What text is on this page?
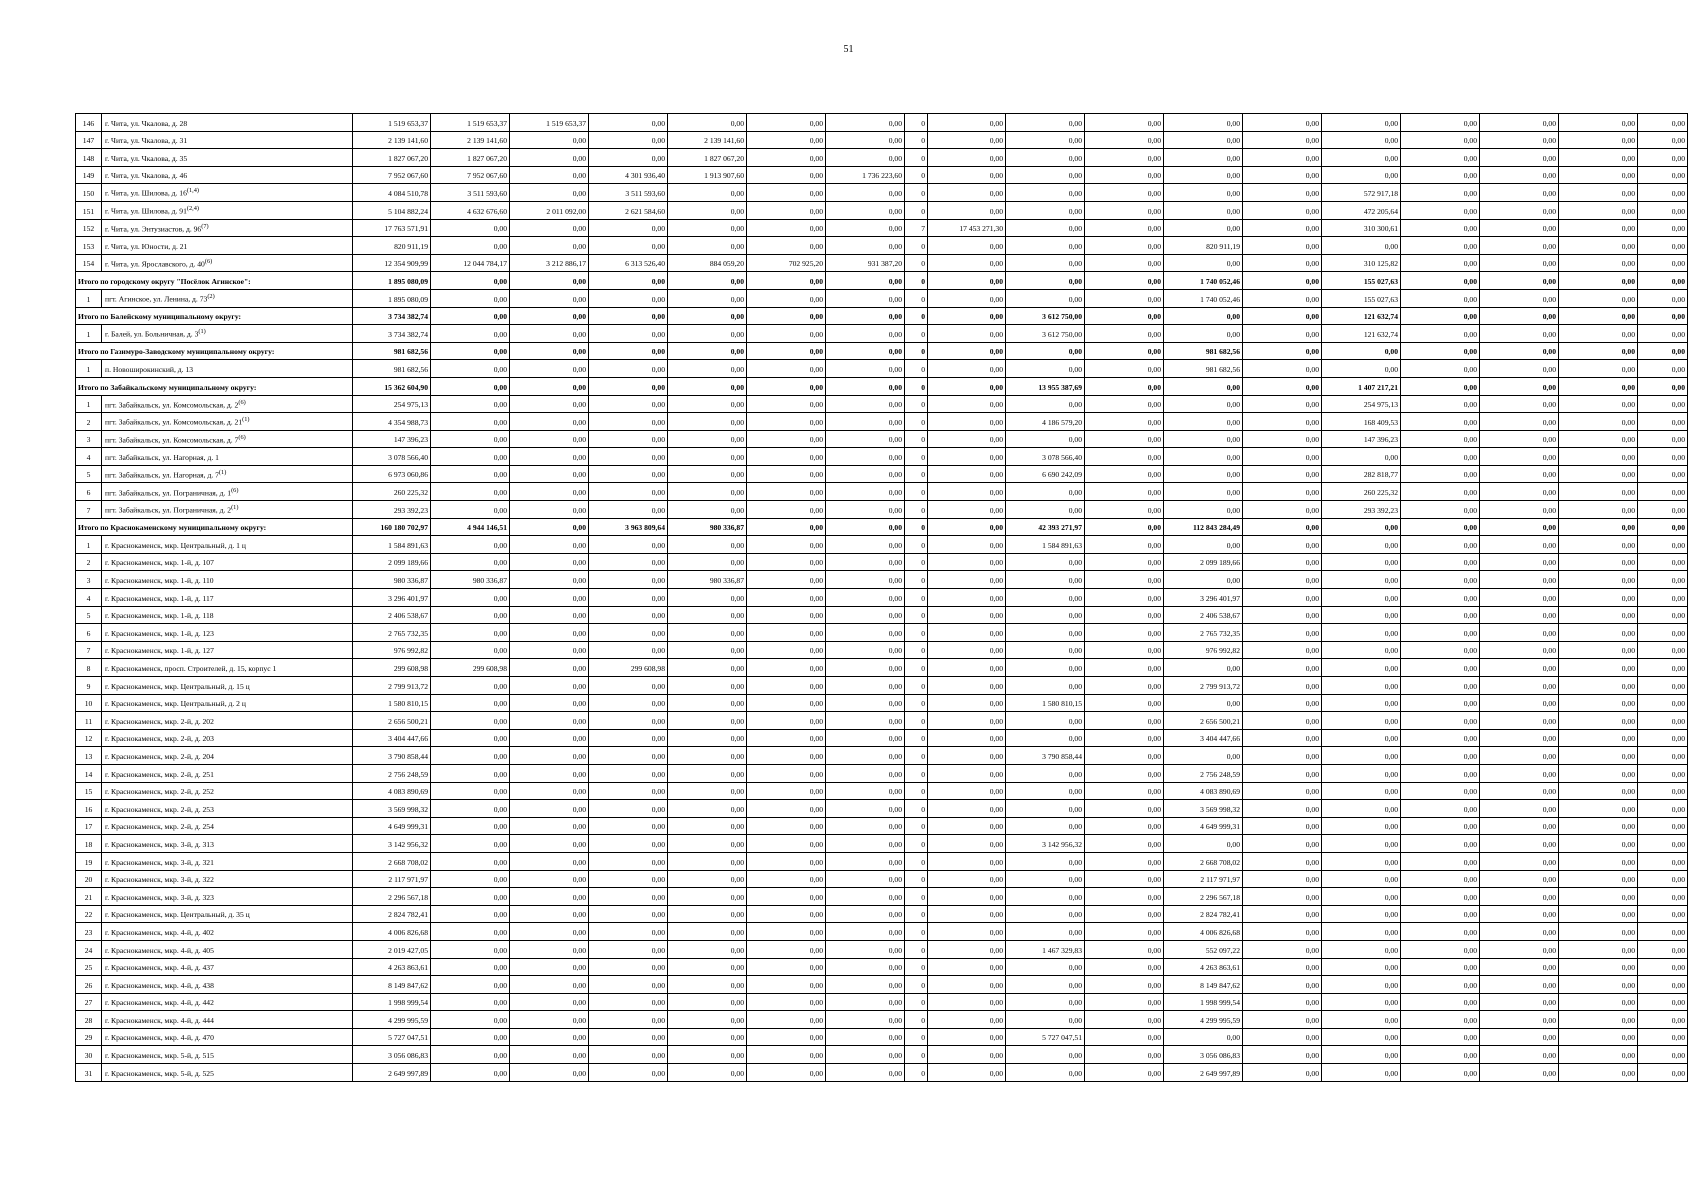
51
146	г. Чита, ул. Чкалова, д. 28	1 519 653,37	1 519 653,37	1 519 653,37	0,00	0,00	0,00	0,00	0	0,00	0,00	0,00	0,00	0,00	0,00	0,00	0,00	0,00	0,00
147	г. Чита, ул. Чкалова, д. 31	2 139 141,60	2 139 141,60	0,00	0,00	2 139 141,60	0,00	0,00	0	0,00	0,00	0,00	0,00	0,00	0,00	0,00	0,00	0,00	0,00
148	г. Чита, ул. Чкалова, д. 35	1 827 067,20	1 827 067,20	0,00	0,00	1 827 067,20	0,00	0,00	0	0,00	0,00	0,00	0,00	0,00	0,00	0,00	0,00	0,00	0,00
149	г. Чита, ул. Чкалова, д. 46	7 952 067,60	7 952 067,60	0,00	4 301 936,40	1 913 907,60	0,00	1 736 223,60	0	0,00	0,00	0,00	0,00	0,00	0,00	0,00	0,00	0,00	0,00
150	г. Чита, ул. Шилова, д. 16$^{(1,4)}$	4 084 510,78	3 511 593,60	0,00	3 511 593,60	0,00	0,00	0,00	0	0,00	0,00	0,00	0,00	0,00	572 917,18	0,00	0,00	0,00	0,00
151	г. Чита, ул. Шилова, д. 91$^{(2,4)}$	5 104 882,24	4 632 676,60	2 011 092,00	2 621 584,60	0,00	0,00	0,00	0	0,00	0,00	0,00	0,00	0,00	472 205,64	0,00	0,00	0,00	0,00
152	г. Чита, ул. Энтузиастов, д. 96$^{(7)}$	17 763 571,91	0,00	0,00	0,00	0,00	0,00	0,00	7	17 453 271,30	0,00	0,00	0,00	0,00	310 300,61	0,00	0,00	0,00	0,00
153	г. Чита, ул. Юности, д. 21	820 911,19	0,00	0,00	0,00	0,00	0,00	0,00	0	0,00	0,00	0,00	820 911,19	0,00	0,00	0,00	0,00	0,00	0,00
154	г. Чита, ул. Ярославского, д. 40$^{(6)}$	12 354 909,99	12 044 784,17	3 212 886,17	6 313 526,40	884 059,20	702 925,20	931 387,20	0	0,00	0,00	0,00	0,00	0,00	310 125,82	0,00	0,00	0,00	0,00
Итого по городскому округу "Посёлок Агинское":		1 895 080,09	0,00	0,00	0,00	0,00	0,00	0,00	0	0,00	0,00	0,00	1 740 052,46	0,00	155 027,63	0,00	0,00	0,00	0,00
1	пгт. Агинское, ул. Ленина, д. 73$^{(2)}$	1 895 080,09	0,00	0,00	0,00	0,00	0,00	0,00	0	0,00	0,00	0,00	1 740 052,46	0,00	155 027,63	0,00	0,00	0,00	0,00
Итого по Балейскому муниципальному округу:		3 734 382,74	0,00	0,00	0,00	0,00	0,00	0,00	0	0,00	3 612 750,00	0,00	0,00	0,00	121 632,74	0,00	0,00	0,00	0,00
1	г. Балей, ул. Больничная, д. 3$^{(1)}$	3 734 382,74	0,00	0,00	0,00	0,00	0,00	0,00	0	0,00	3 612 750,00	0,00	0,00	0,00	121 632,74	0,00	0,00	0,00	0,00
Итого по Газимуро-Заводскому муниципальному округу:		981 682,56	0,00	0,00	0,00	0,00	0,00	0,00	0	0,00	0,00	0,00	981 682,56	0,00	0,00	0,00	0,00	0,00	0,00
1	п. Новоширокинский, д. 13	981 682,56	0,00	0,00	0,00	0,00	0,00	0,00	0	0,00	0,00	0,00	981 682,56	0,00	0,00	0,00	0,00	0,00	0,00
Итого по Забайкальскому муниципальному округу:		15 362 604,90	0,00	0,00	0,00	0,00	0,00	0,00	0	0,00	13 955 387,69	0,00	0,00	0,00	1 407 217,21	0,00	0,00	0,00	0,00
1	пгт. Забайкальск, ул. Комсомольская, д. 2$^{(6)}$	254 975,13	0,00	0,00	0,00	0,00	0,00	0,00	0	0,00	0,00	0,00	0,00	0,00	254 975,13	0,00	0,00	0,00	0,00
2	пгт. Забайкальск, ул. Комсомольская, д. 21$^{(1)}$	4 354 988,73	0,00	0,00	0,00	0,00	0,00	0,00	0	0,00	4 186 579,20	0,00	0,00	0,00	168 409,53	0,00	0,00	0,00	0,00
3	пгт. Забайкальск, ул. Комсомольская, д. 7$^{(6)}$	147 396,23	0,00	0,00	0,00	0,00	0,00	0,00	0	0,00	0,00	0,00	0,00	0,00	147 396,23	0,00	0,00	0,00	0,00
4	пгт. Забайкальск, ул. Нагорная, д. 1	3 078 566,40	0,00	0,00	0,00	0,00	0,00	0,00	0	0,00	3 078 566,40	0,00	0,00	0,00	0,00	0,00	0,00	0,00	0,00
5	пгт. Забайкальск, ул. Нагорная, д. 7$^{(1)}$	6 973 060,86	0,00	0,00	0,00	0,00	0,00	0,00	0	0,00	6 690 242,09	0,00	0,00	0,00	282 818,77	0,00	0,00	0,00	0,00
6	пгт. Забайкальск, ул. Пограничная, д. 1$^{(6)}$	260 225,32	0,00	0,00	0,00	0,00	0,00	0,00	0	0,00	0,00	0,00	0,00	0,00	260 225,32	0,00	0,00	0,00	0,00
7	пгт. Забайкальск, ул. Пограничная, д. 2$^{(1)}$	293 392,23	0,00	0,00	0,00	0,00	0,00	0,00	0	0,00	0,00	0,00	0,00	0,00	293 392,23	0,00	0,00	0,00	0,00
Итого по Краснокаменскому муниципальному округу:		160 180 702,97	4 944 146,51	0,00	3 963 809,64	980 336,87	0,00	0,00	0	0,00	42 393 271,97	0,00	112 843 284,49	0,00	0,00	0,00	0,00	0,00	0,00
1	г. Краснокаменск, мкр. Центральный, д. 1 ц	1 584 891,63	0,00	0,00	0,00	0,00	0,00	0,00	0	0,00	1 584 891,63	0,00	0,00	0,00	0,00	0,00	0,00	0,00	0,00
2	г. Краснокаменск, мкр. 1-й, д. 107	2 099 189,66	0,00	0,00	0,00	0,00	0,00	0,00	0	0,00	0,00	0,00	2 099 189,66	0,00	0,00	0,00	0,00	0,00	0,00
3	г. Краснокаменск, мкр. 1-й, д. 110	980 336,87	980 336,87	0,00	0,00	980 336,87	0,00	0,00	0	0,00	0,00	0,00	0,00	0,00	0,00	0,00	0,00	0,00	0,00
4	г. Краснокаменск, мкр. 1-й, д. 117	3 296 401,97	0,00	0,00	0,00	0,00	0,00	0,00	0	0,00	0,00	0,00	3 296 401,97	0,00	0,00	0,00	0,00	0,00	0,00
5	г. Краснокаменск, мкр. 1-й, д. 118	2 406 538,67	0,00	0,00	0,00	0,00	0,00	0,00	0	0,00	0,00	0,00	2 406 538,67	0,00	0,00	0,00	0,00	0,00	0,00
6	г. Краснокаменск, мкр. 1-й, д. 123	2 765 732,35	0,00	0,00	0,00	0,00	0,00	0,00	0	0,00	0,00	0,00	2 765 732,35	0,00	0,00	0,00	0,00	0,00	0,00
7	г. Краснокаменск, мкр. 1-й, д. 127	976 992,82	0,00	0,00	0,00	0,00	0,00	0,00	0	0,00	0,00	0,00	976 992,82	0,00	0,00	0,00	0,00	0,00	0,00
8	г. Краснокаменск, просп. Строителей, д. 15, корпус 1	299 608,98	299 608,98	0,00	299 608,98	0,00	0,00	0,00	0	0,00	0,00	0,00	0,00	0,00	0,00	0,00	0,00	0,00	0,00
9	г. Краснокаменск, мкр. Центральный, д. 15 ц	2 799 913,72	0,00	0,00	0,00	0,00	0,00	0,00	0	0,00	0,00	0,00	2 799 913,72	0,00	0,00	0,00	0,00	0,00	0,00
10	г. Краснокаменск, мкр. Центральный, д. 2 ц	1 580 810,15	0,00	0,00	0,00	0,00	0,00	0,00	0	0,00	1 580 810,15	0,00	0,00	0,00	0,00	0,00	0,00	0,00	0,00
11	г. Краснокаменск, мкр. 2-й, д. 202	2 656 500,21	0,00	0,00	0,00	0,00	0,00	0,00	0	0,00	0,00	0,00	2 656 500,21	0,00	0,00	0,00	0,00	0,00	0,00
12	г. Краснокаменск, мкр. 2-й, д. 203	3 404 447,66	0,00	0,00	0,00	0,00	0,00	0,00	0	0,00	0,00	0,00	3 404 447,66	0,00	0,00	0,00	0,00	0,00	0,00
13	г. Краснокаменск, мкр. 2-й, д. 204	3 790 858,44	0,00	0,00	0,00	0,00	0,00	0,00	0	0,00	3 790 858,44	0,00	0,00	0,00	0,00	0,00	0,00	0,00	0,00
14	г. Краснокаменск, мкр. 2-й, д. 251	2 756 248,59	0,00	0,00	0,00	0,00	0,00	0,00	0	0,00	0,00	0,00	2 756 248,59	0,00	0,00	0,00	0,00	0,00	0,00
15	г. Краснокаменск, мкр. 2-й, д. 252	4 083 890,69	0,00	0,00	0,00	0,00	0,00	0,00	0	0,00	0,00	0,00	4 083 890,69	0,00	0,00	0,00	0,00	0,00	0,00
16	г. Краснокаменск, мкр. 2-й, д. 253	3 569 998,32	0,00	0,00	0,00	0,00	0,00	0,00	0	0,00	0,00	0,00	3 569 998,32	0,00	0,00	0,00	0,00	0,00	0,00
17	г. Краснокаменск, мкр. 2-й, д. 254	4 649 999,31	0,00	0,00	0,00	0,00	0,00	0,00	0	0,00	0,00	0,00	4 649 999,31	0,00	0,00	0,00	0,00	0,00	0,00
18	г. Краснокаменск, мкр. 3-й, д. 313	3 142 956,32	0,00	0,00	0,00	0,00	0,00	0,00	0	0,00	3 142 956,32	0,00	0,00	0,00	0,00	0,00	0,00	0,00	0,00
19	г. Краснокаменск, мкр. 3-й, д. 321	2 668 708,02	0,00	0,00	0,00	0,00	0,00	0,00	0	0,00	0,00	0,00	2 668 708,02	0,00	0,00	0,00	0,00	0,00	0,00
20	г. Краснокаменск, мкр. 3-й, д. 322	2 117 971,97	0,00	0,00	0,00	0,00	0,00	0,00	0	0,00	0,00	0,00	2 117 971,97	0,00	0,00	0,00	0,00	0,00	0,00
21	г. Краснокаменск, мкр. 3-й, д. 323	2 296 567,18	0,00	0,00	0,00	0,00	0,00	0,00	0	0,00	0,00	0,00	2 296 567,18	0,00	0,00	0,00	0,00	0,00	0,00
22	г. Краснокаменск, мкр. Центральный, д. 35 ц	2 824 782,41	0,00	0,00	0,00	0,00	0,00	0,00	0	0,00	0,00	0,00	2 824 782,41	0,00	0,00	0,00	0,00	0,00	0,00
23	г. Краснокаменск, мкр. 4-й, д. 402	4 006 826,68	0,00	0,00	0,00	0,00	0,00	0,00	0	0,00	0,00	0,00	4 006 826,68	0,00	0,00	0,00	0,00	0,00	0,00
24	г. Краснокаменск, мкр. 4-й, д. 405	2 019 427,05	0,00	0,00	0,00	0,00	0,00	0,00	0	0,00	1 467 329,83	0,00	552 097,22	0,00	0,00	0,00	0,00	0,00	0,00
25	г. Краснокаменск, мкр. 4-й, д. 437	4 263 863,61	0,00	0,00	0,00	0,00	0,00	0,00	0	0,00	0,00	0,00	4 263 863,61	0,00	0,00	0,00	0,00	0,00	0,00
26	г. Краснокаменск, мкр. 4-й, д. 438	8 149 847,62	0,00	0,00	0,00	0,00	0,00	0,00	0	0,00	0,00	0,00	8 149 847,62	0,00	0,00	0,00	0,00	0,00	0,00
27	г. Краснокаменск, мкр. 4-й, д. 442	1 998 999,54	0,00	0,00	0,00	0,00	0,00	0,00	0	0,00	0,00	0,00	1 998 999,54	0,00	0,00	0,00	0,00	0,00	0,00
28	г. Краснокаменск, мкр. 4-й, д. 444	4 299 995,59	0,00	0,00	0,00	0,00	0,00	0,00	0	0,00	0,00	0,00	4 299 995,59	0,00	0,00	0,00	0,00	0,00	0,00
29	г. Краснокаменск, мкр. 4-й, д. 470	5 727 047,51	0,00	0,00	0,00	0,00	0,00	0,00	0	0,00	5 727 047,51	0,00	0,00	0,00	0,00	0,00	0,00	0,00	0,00
30	г. Краснокаменск, мкр. 5-й, д. 515	3 056 086,83	0,00	0,00	0,00	0,00	0,00	0,00	0	0,00	0,00	0,00	3 056 086,83	0,00	0,00	0,00	0,00	0,00	0,00
31	г. Краснокаменск, мкр. 5-й, д. 525	2 649 997,89	0,00	0,00	0,00	0,00	0,00	0,00	0	0,00	0,00	0,00	2 649 997,89	0,00	0,00	0,00	0,00	0,00	0,00
